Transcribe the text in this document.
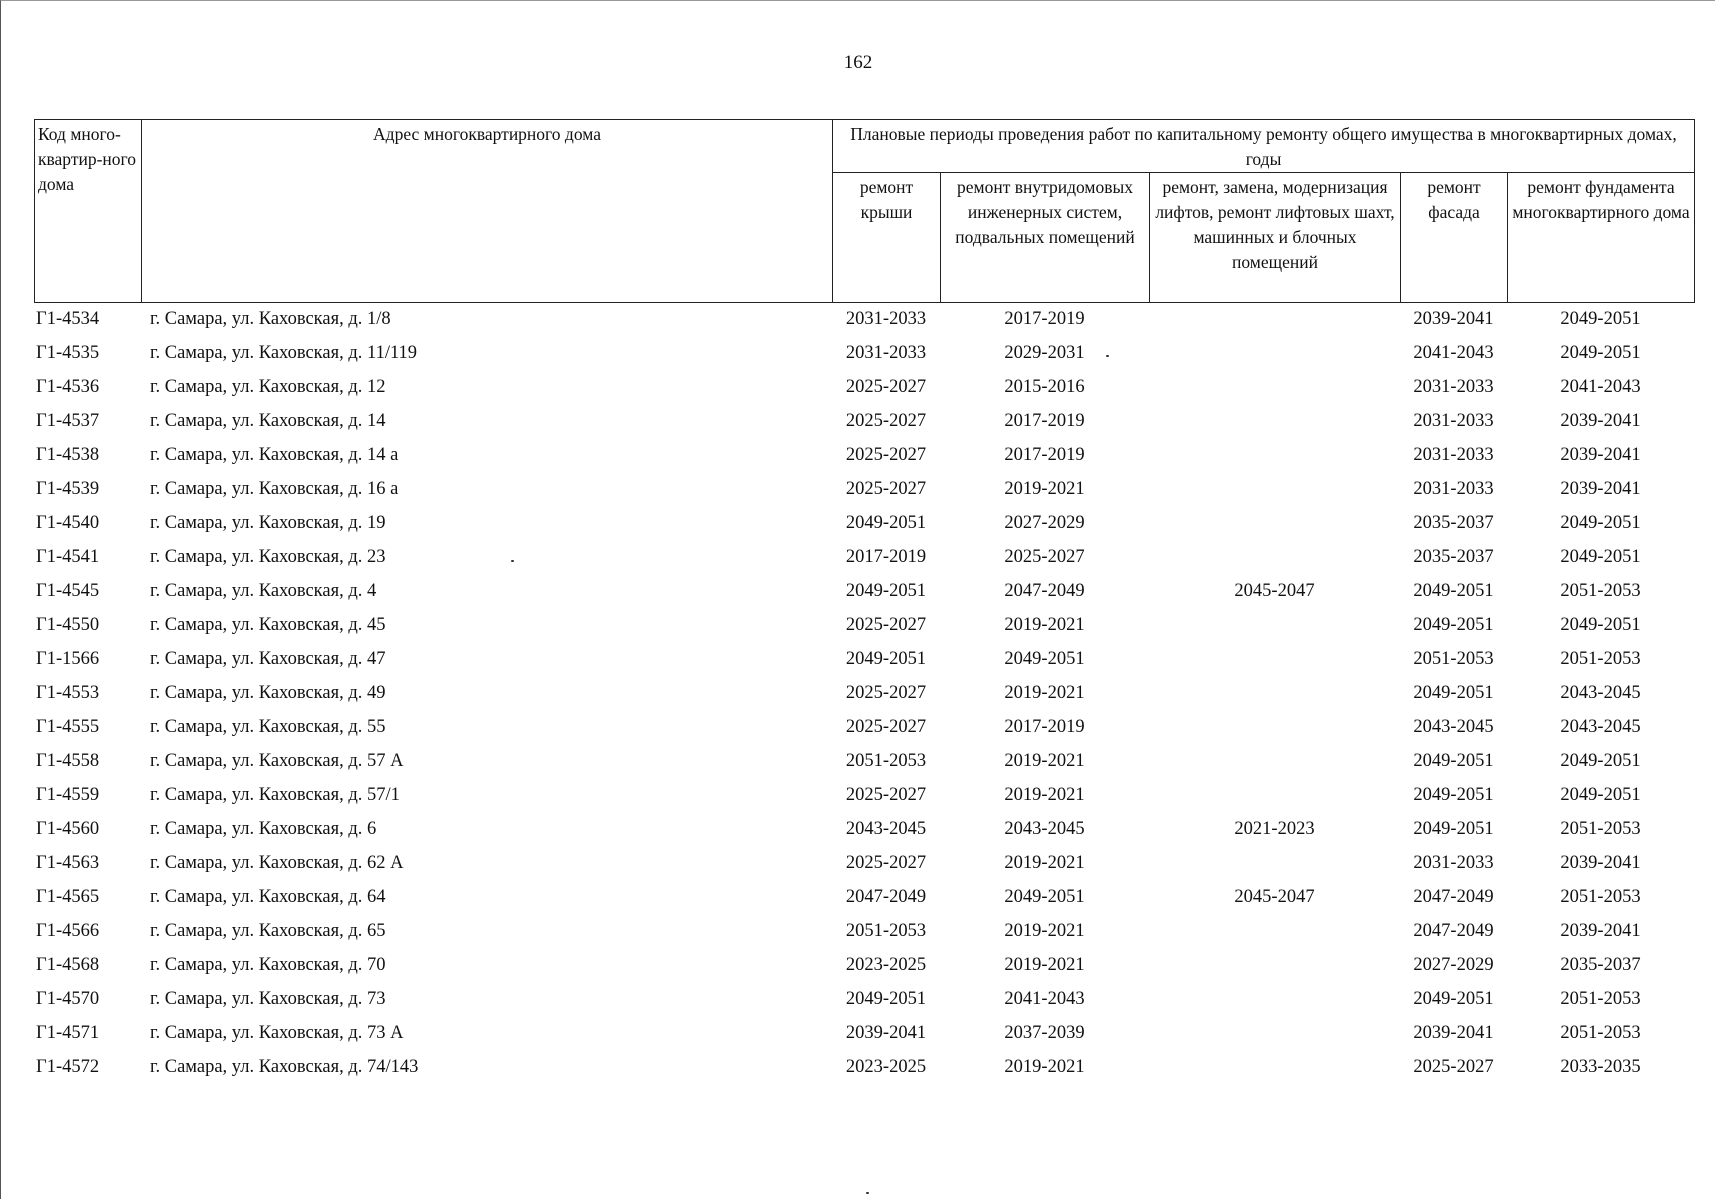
162
Код много-квартир-ного дома	Адрес многоквартирного дома	Плановые периоды проведения работ по капитальному ремонту общего имущества в многоквартирных домах, годы				
		ремонт крыши	ремонт внутридомовых инженерных систем, подвальных помещений	ремонт, замена, модернизация лифтов, ремонт лифтовых шахт, машинных и блочных помещений	ремонт фасада	ремонт фундамента многоквартирного дома
Г1-4534	г. Самара, ул. Каховская, д. 1/8	2031-2033	2017-2019		2039-2041	2049-2051
Г1-4535	г. Самара, ул. Каховская, д. 11/119	2031-2033	2029-2031		2041-2043	2049-2051
Г1-4536	г. Самара, ул. Каховская, д. 12	2025-2027	2015-2016		2031-2033	2041-2043
Г1-4537	г. Самара, ул. Каховская, д. 14	2025-2027	2017-2019		2031-2033	2039-2041
Г1-4538	г. Самара, ул. Каховская, д. 14 а	2025-2027	2017-2019		2031-2033	2039-2041
Г1-4539	г. Самара, ул. Каховская, д. 16 а	2025-2027	2019-2021		2031-2033	2039-2041
Г1-4540	г. Самара, ул. Каховская, д. 19	2049-2051	2027-2029		2035-2037	2049-2051
Г1-4541	г. Самара, ул. Каховская, д. 23	2017-2019	2025-2027		2035-2037	2049-2051
Г1-4545	г. Самара, ул. Каховская, д. 4	2049-2051	2047-2049	2045-2047	2049-2051	2051-2053
Г1-4550	г. Самара, ул. Каховская, д. 45	2025-2027	2019-2021		2049-2051	2049-2051
Г1-1566	г. Самара, ул. Каховская, д. 47	2049-2051	2049-2051		2051-2053	2051-2053
Г1-4553	г. Самара, ул. Каховская, д. 49	2025-2027	2019-2021		2049-2051	2043-2045
Г1-4555	г. Самара, ул. Каховская, д. 55	2025-2027	2017-2019		2043-2045	2043-2045
Г1-4558	г. Самара, ул. Каховская, д. 57 А	2051-2053	2019-2021		2049-2051	2049-2051
Г1-4559	г. Самара, ул. Каховская, д. 57/1	2025-2027	2019-2021		2049-2051	2049-2051
Г1-4560	г. Самара, ул. Каховская, д. 6	2043-2045	2043-2045	2021-2023	2049-2051	2051-2053
Г1-4563	г. Самара, ул. Каховская, д. 62 А	2025-2027	2019-2021		2031-2033	2039-2041
Г1-4565	г. Самара, ул. Каховская, д. 64	2047-2049	2049-2051	2045-2047	2047-2049	2051-2053
Г1-4566	г. Самара, ул. Каховская, д. 65	2051-2053	2019-2021		2047-2049	2039-2041
Г1-4568	г. Самара, ул. Каховская, д. 70	2023-2025	2019-2021		2027-2029	2035-2037
Г1-4570	г. Самара, ул. Каховская, д. 73	2049-2051	2041-2043		2049-2051	2051-2053
Г1-4571	г. Самара, ул. Каховская, д. 73 А	2039-2041	2037-2039		2039-2041	2051-2053
Г1-4572	г. Самара, ул. Каховская, д. 74/143	2023-2025	2019-2021		2025-2027	2033-2035
